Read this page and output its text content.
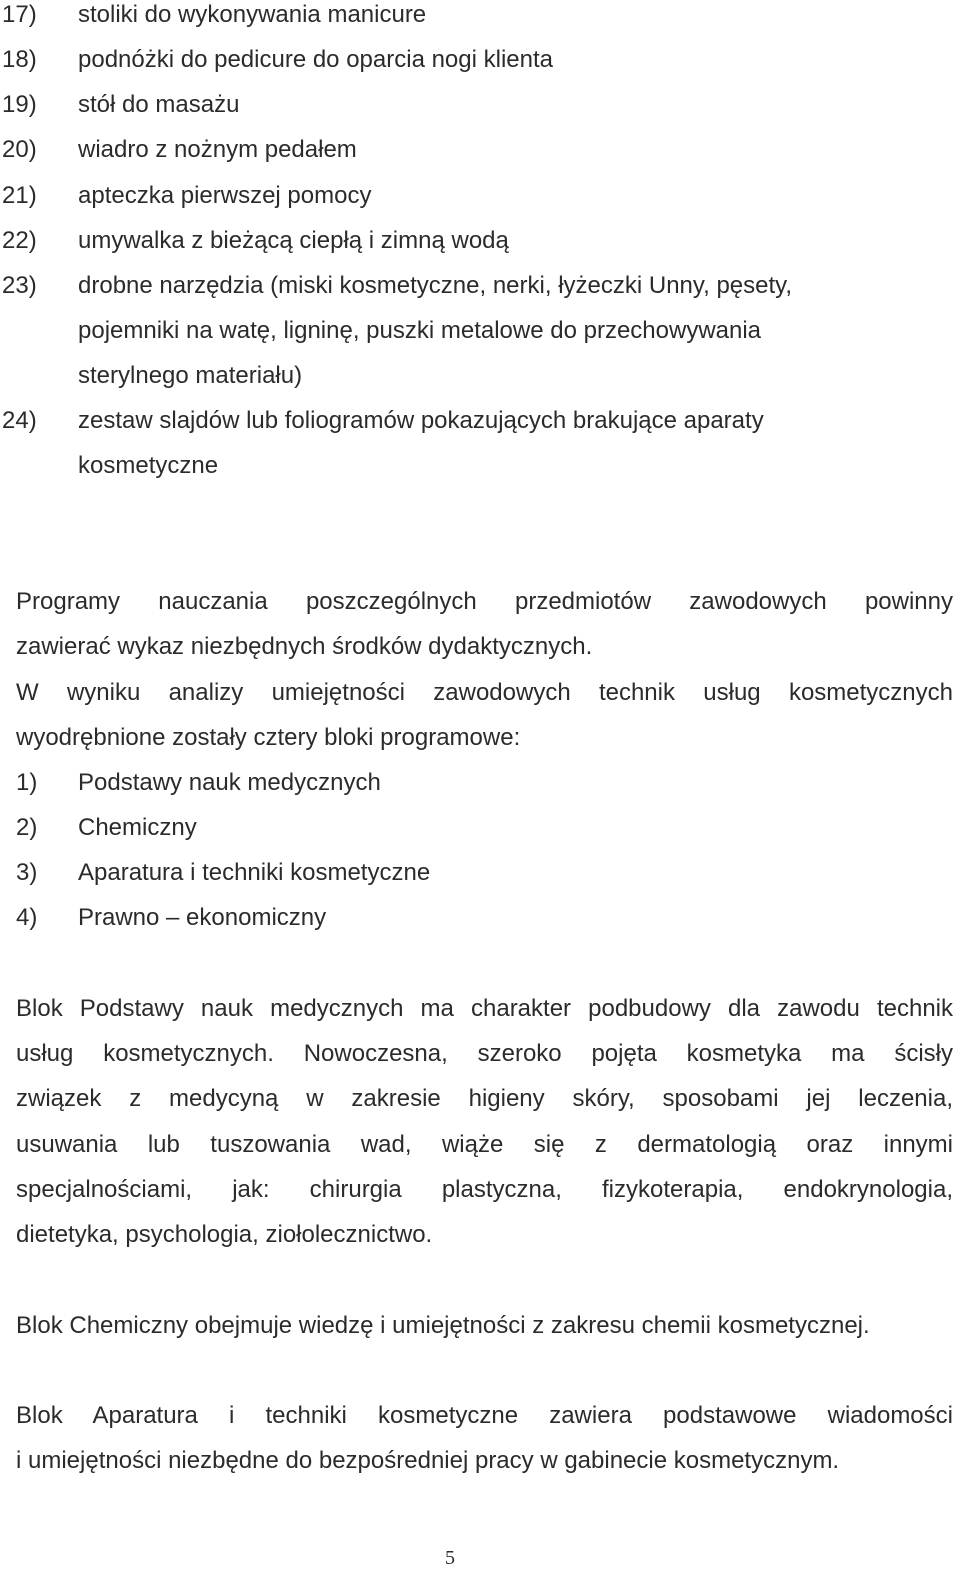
17) stoliki do wykonywania manicure
18) podnóżki do pedicure do oparcia nogi klienta
19) stół do masażu
20) wiadro z nożnym pedałem
21) apteczka pierwszej pomocy
22) umywalka z bieżącą ciepłą i zimną wodą
23) drobne narzędzia (miski kosmetyczne, nerki, łyżeczki Unny, pęsety,
pojemniki na watę, ligninę, puszki metalowe do przechowywania
sterylnego materiału)
24) zestaw slajdów lub foliogramów pokazujących brakujące aparaty
kosmetyczne
Programy nauczania poszczególnych przedmiotów zawodowych powinny
zawierać wykaz niezbędnych środków dydaktycznych.
W wyniku analizy umiejętności zawodowych technik usług kosmetycznych
wyodrębnione zostały cztery bloki programowe:
1) Podstawy nauk medycznych
2) Chemiczny
3) Aparatura i techniki kosmetyczne
4) Prawno – ekonomiczny
Blok Podstawy nauk medycznych ma charakter podbudowy dla zawodu technik
usług kosmetycznych. Nowoczesna, szeroko pojęta kosmetyka ma ścisły
związek z medycyną w zakresie higieny skóry, sposobami jej leczenia,
usuwania lub tuszowania wad, wiąże się z dermatologią oraz innymi
specjalnościami, jak: chirurgia plastyczna, fizykoterapia, endokrynologia,
dietetyka, psychologia, ziołolecznictwo.
Blok Chemiczny obejmuje wiedzę i umiejętności z zakresu chemii kosmetycznej.
Blok Aparatura i techniki kosmetyczne zawiera podstawowe wiadomości
i umiejętności niezbędne do bezpośredniej pracy w gabinecie kosmetycznym.
5
